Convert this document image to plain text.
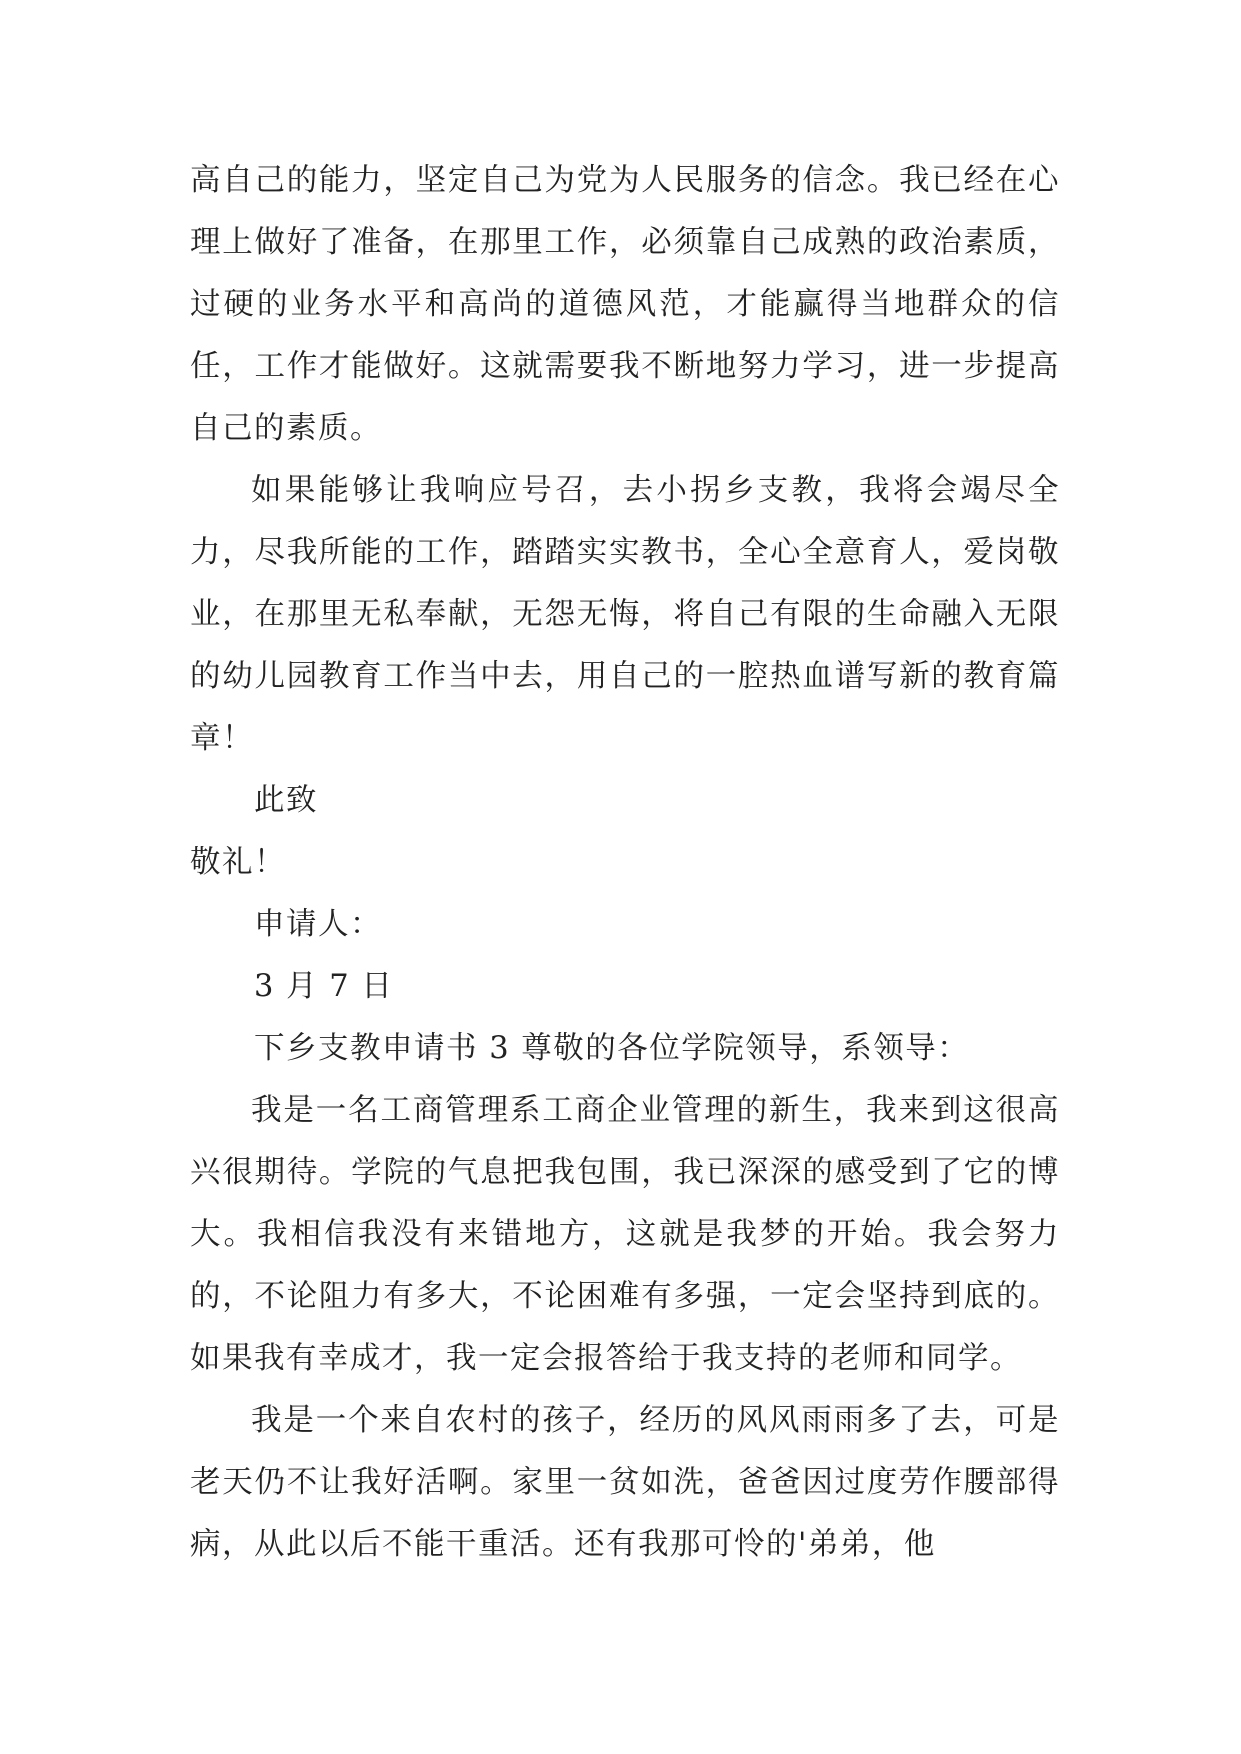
高自己的能力，坚定自己为党为人民服务的信念。我已经在心理上做好了准备，在那里工作，必须靠自己成熟的政治素质，过硬的业务水平和高尚的道德风范，才能赢得当地群众的信任，工作才能做好。这就需要我不断地努力学习，进一步提高自己的素质。

如果能够让我响应号召，去小拐乡支教，我将会竭尽全力，尽我所能的工作，踏踏实实教书，全心全意育人，爱岗敬业，在那里无私奉献，无怨无悔，将自己有限的生命融入无限的幼儿园教育工作当中去，用自己的一腔热血谱写新的教育篇章！

此致

敬礼！

申请人：

3 月 7 日

下乡支教申请书 3 尊敬的各位学院领导，系领导：

我是一名工商管理系工商企业管理的新生，我来到这很高兴很期待。学院的气息把我包围，我已深深的感受到了它的博大。我相信我没有来错地方，这就是我梦的开始。我会努力的，不论阻力有多大，不论困难有多强，一定会坚持到底的。如果我有幸成才，我一定会报答给于我支持的老师和同学。

我是一个来自农村的孩子，经历的风风雨雨多了去，可是老天仍不让我好活啊。家里一贫如洗，爸爸因过度劳作腰部得病，从此以后不能干重活。还有我那可怜的'弟弟，他
